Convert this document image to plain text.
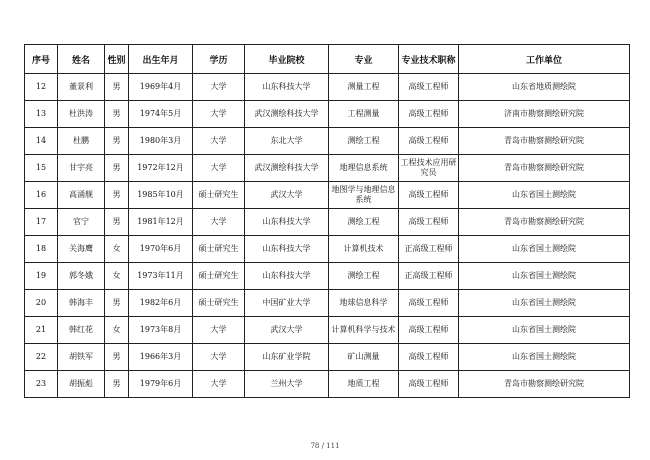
序号	姓名	性别	出生年月	学历	毕业院校	专业	专业技术职称	工作单位
12	董景利	男	1969年4月	大学	山东科技大学	测量工程	高级工程师	山东省地质测绘院
13	杜洪涛	男	1974年5月	大学	武汉测绘科技大学	工程测量	高级工程师	济南市勘察测绘研究院
14	杜鹏	男	1980年3月	大学	东北大学	测绘工程	高级工程师	青岛市勘察测绘研究院
15	甘宇亮	男	1972年12月	大学	武汉测绘科技大学	地理信息系统	工程技术应用研究员	青岛市勘察测绘研究院
16	高涌舰	男	1985年10月	硕士研究生	武汉大学	地图学与地理信息系统	高级工程师	山东省国土测绘院
17	官宁	男	1981年12月	大学	山东科技大学	测绘工程	高级工程师	青岛市勘察测绘研究院
18	关海鹰	女	1970年6月	硕士研究生	山东科技大学	计算机技术	正高级工程师	山东省国土测绘院
19	郭冬娥	女	1973年11月	硕士研究生	山东科技大学	测绘工程	正高级工程师	山东省国土测绘院
20	韩海丰	男	1982年6月	硕士研究生	中国矿业大学	地球信息科学	高级工程师	山东省国土测绘院
21	韩红花	女	1973年8月	大学	武汉大学	计算机科学与技术	高级工程师	山东省国土测绘院
22	胡铁军	男	1966年3月	大学	山东矿业学院	矿山测量	高级工程师	山东省国土测绘院
23	胡振彪	男	1979年6月	大学	兰州大学	地质工程	高级工程师	青岛市勘察测绘研究院
78 / 111
